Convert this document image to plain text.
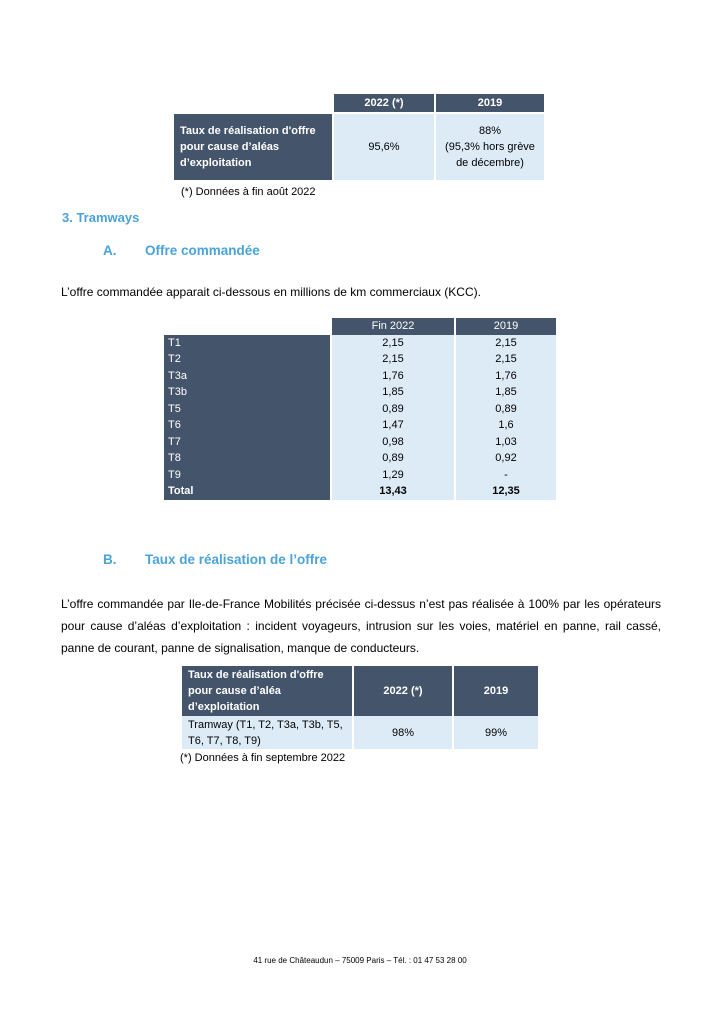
	2022 (*)	2019
Taux de réalisation d'offre pour cause d’aléas d’exploitation	95,6%	88%
(95,3% hors grève
de décembre)
(*) Données à fin août 2022
3. Tramways
A. Offre commandée

L’offre commandée apparait ci-dessous en millions de km commerciaux (KCC).

	Fin 2022	2019
T1	2,15	2,15
T2	2,15	2,15
T3a	1,76	1,76
T3b	1,85	1,85
T5	0,89	0,89
T6	1,47	1,6
T7	0,98	1,03
T8	0,89	0,92
T9	1,29	-
Total	13,43	12,35
B. Taux de réalisation de l’offre

L’offre commandée par Ile-de-France Mobilités précisée ci-dessus n’est pas réalisée à 100% par les opérateurs pour cause d’aléas d’exploitation : incident voyageurs, intrusion sur les voies, matériel en panne, rail cassé, panne de courant, panne de signalisation, manque de conducteurs.

Taux de réalisation d'offre pour cause d’aléa d’exploitation	2022 (*)	2019
Tramway (T1, T2, T3a, T3b, T5, T6, T7, T8, T9)	98%	99%
(*) Données à fin septembre 2022
41 rue de Châteaudun – 75009 Paris – Tél. : 01 47 53 28 00
